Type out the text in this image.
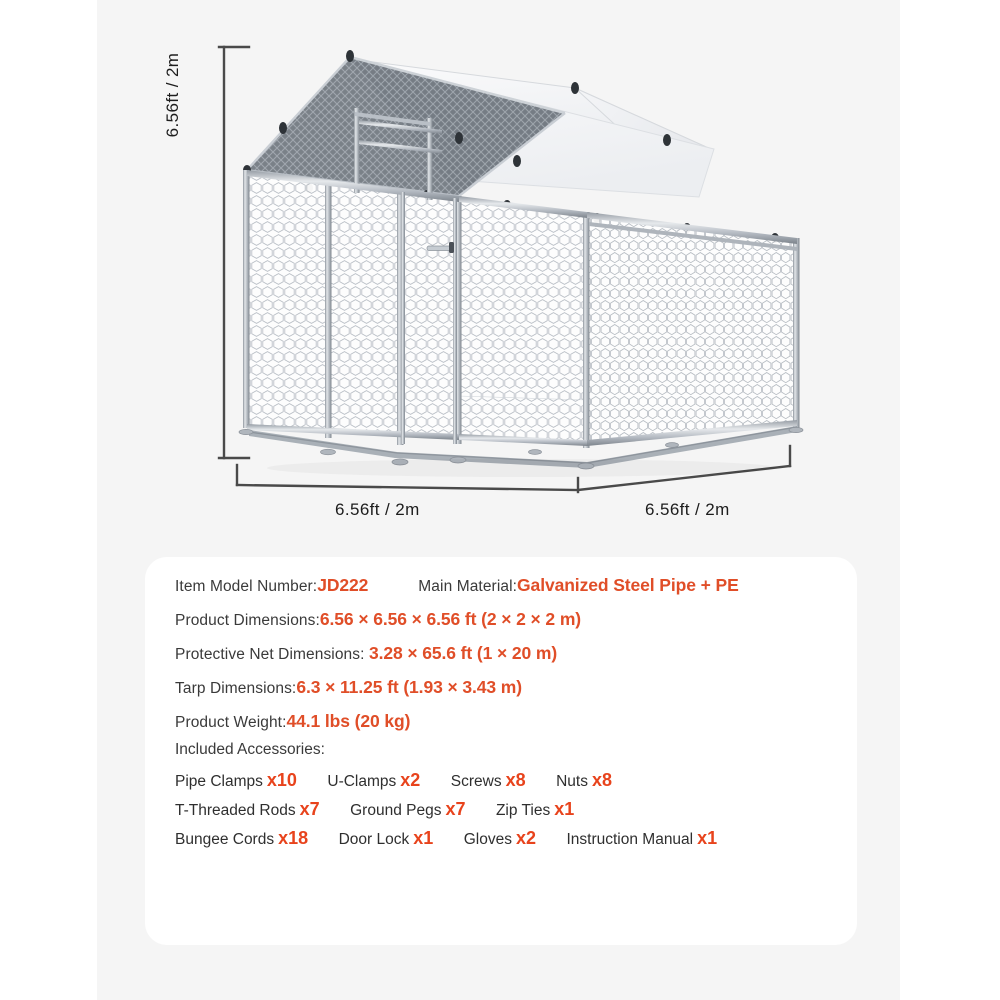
6.56ft / 2m
6.56ft / 2m	6.56ft / 2m
Item Model Number:JD222	Main Material:Galvanized Steel Pipe + PE
Product Dimensions:6.56 × 6.56 × 6.56 ft (2 × 2 × 2 m)
Protective Net Dimensions: 3.28 × 65.6 ft (1 × 20 m)
Tarp Dimensions:6.3 × 11.25 ft (1.93 × 3.43 m)
Product Weight:44.1 lbs (20 kg)
Included Accessories:
Pipe Clamps x10 U-Clamps x2 Screws x8 Nuts x8
T-Threaded Rods x7 Ground Pegs x7 Zip Ties x1
Bungee Cords x18 Door Lock x1 Gloves x2 Instruction Manual x1
